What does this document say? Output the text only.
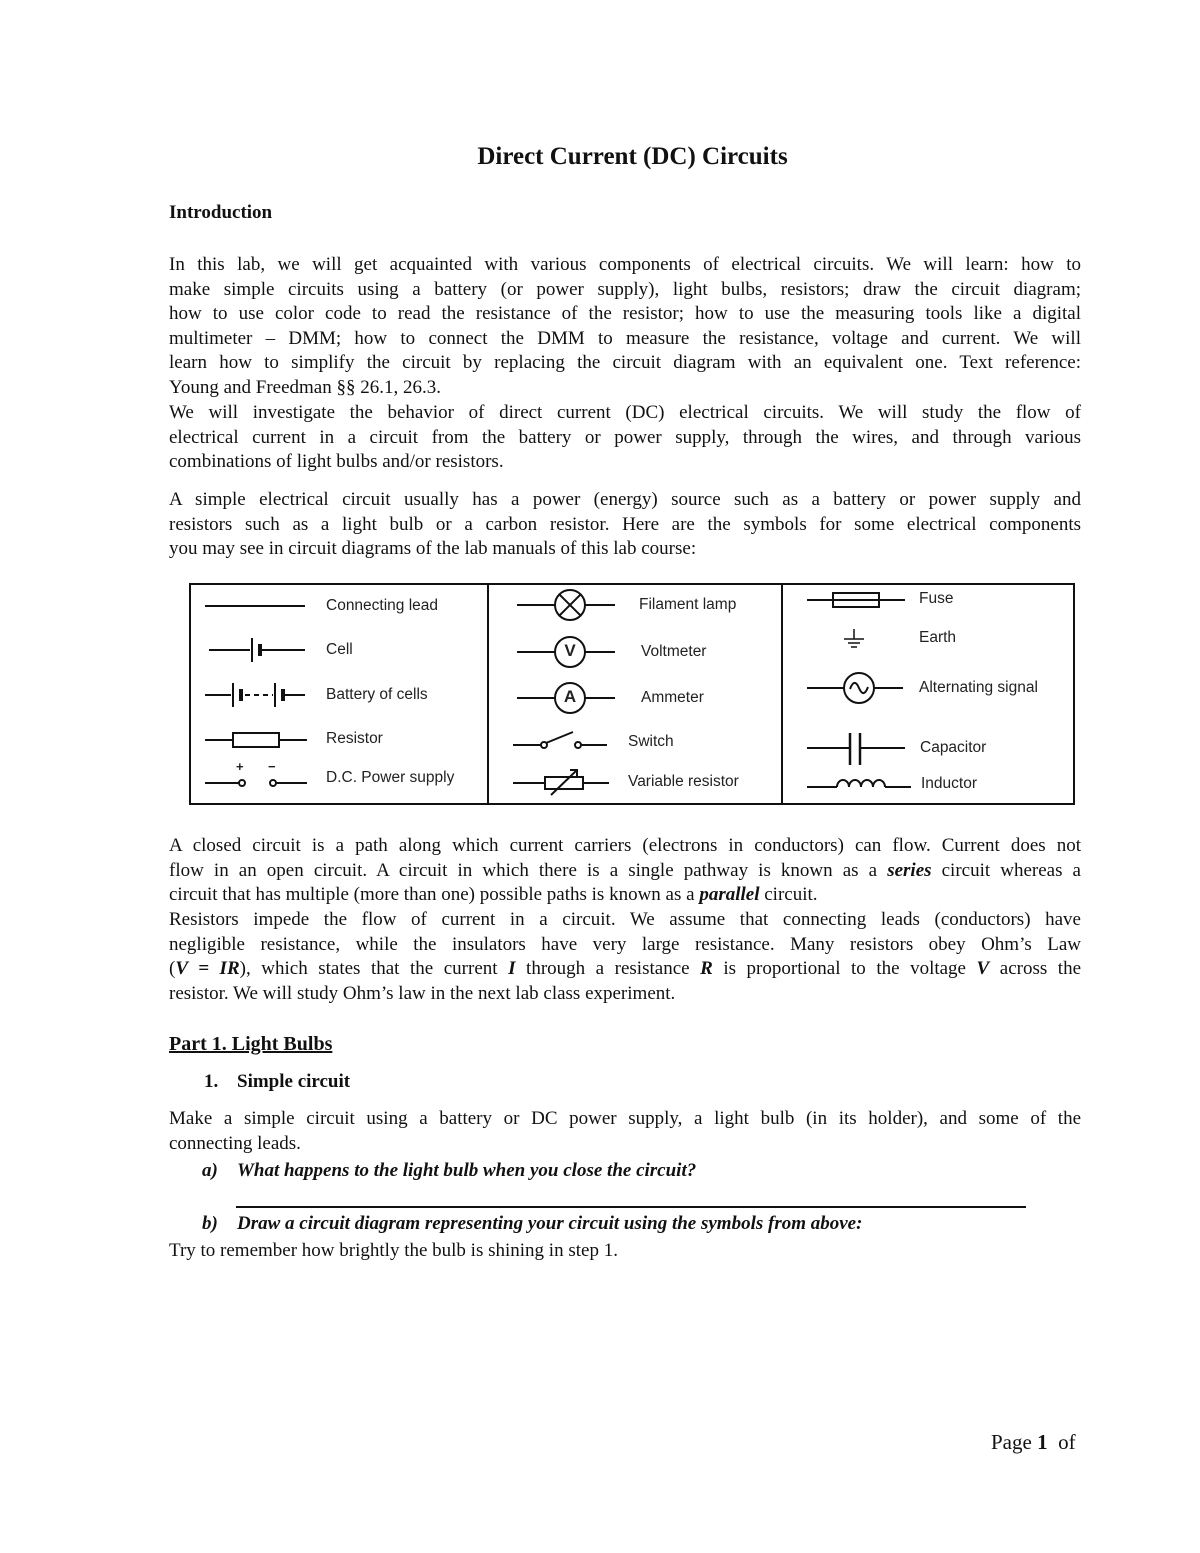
Direct Current (DC) Circuits
Introduction
In this lab, we will get acquainted with various components of electrical circuits. We will learn: how to
make simple circuits using a battery (or power supply), light bulbs, resistors; draw the circuit diagram;
how to use color code to read the resistance of the resistor; how to use the measuring tools like a digital
multimeter – DMM; how to connect the DMM to measure the resistance, voltage and current. We will
learn how to simplify the circuit by replacing the circuit diagram with an equivalent one. Text reference:
Young and Freedman §§ 26.1, 26.3.
We will investigate the behavior of direct current (DC) electrical circuits. We will study the flow of
electrical current in a circuit from the battery or power supply, through the wires, and through various
combinations of light bulbs and/or resistors.
A simple electrical circuit usually has a power (energy) source such as a battery or power supply and
resistors such as a light bulb or a carbon resistor. Here are the symbols for some electrical components
you may see in circuit diagrams of the lab manuals of this lab course:
Connecting lead
Cell
Battery of cells
Resistor
+ −
D.C. Power supply
Filament lamp
V	Voltmeter
A	Ammeter
Switch
Variable resistor
Fuse
Earth
Alternating signal
Capacitor
Inductor
A closed circuit is a path along which current carriers (electrons in conductors) can flow. Current does not
flow in an open circuit. A circuit in which there is a single pathway is known as a series circuit whereas a
circuit that has multiple (more than one) possible paths is known as a parallel circuit.
Resistors impede the flow of current in a circuit. We assume that connecting leads (conductors) have
negligible resistance, while the insulators have very large resistance. Many resistors obey Ohm’s Law
(V = IR), which states that the current I through a resistance R is proportional to the voltage V across the
resistor. We will study Ohm’s law in the next lab class experiment.
Part 1. Light Bulbs
1. Simple circuit
Make a simple circuit using a battery or DC power supply, a light bulb (in its holder), and some of the
connecting leads.
a) What happens to the light bulb when you close the circuit?
b) Draw a circuit diagram representing your circuit using the symbols from above:
Try to remember how brightly the bulb is shining in step 1.
Page 1 of
